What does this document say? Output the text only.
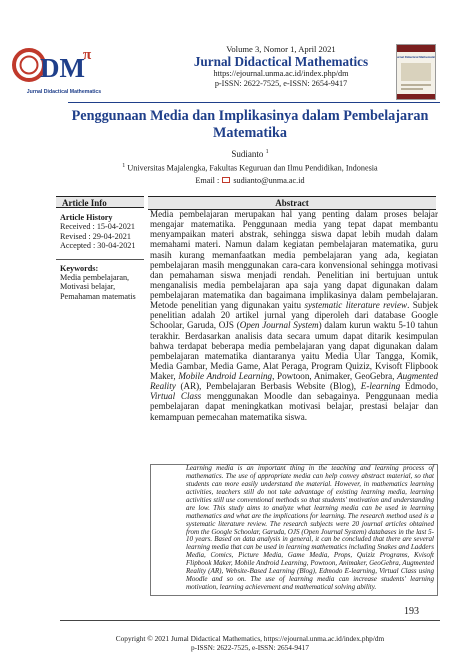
DM
π
Jurnal Didactical Mathematics
Volume 3, Nomor 1, April 2021
Jurnal Didactical Mathematics
https://ejournal.unma.ac.id/index.php/dm
p-ISSN: 2622-7525, e-ISSN: 2654-9417
Jurnal Didactical Mathematics
Penggunaan Media dan Implikasinya dalam Pembelajaran Matematika
Sudianto $^1$
$^1$ Universitas Majalengka, Fakultas Keguruan dan Ilmu Pendidikan, Indonesia
Email : sudianto@unma.ac.id
Article Info	Abstract
Article History
Received : 15-04-2021
Revised : 29-04-2021
Accepted : 30-04-2021
Keywords:
Media pembelajaran,
Motivasi belajar,
Pemahaman matematis
Media pembelajaran merupakan hal yang penting dalam proses belajar mengajar matematika. Penggunaan media yang tepat dapat membantu menyampaikan materi abstrak, sehingga siswa dapat lebih mudah dalam memahami materi. Namun dalam kegiatan pembelajaran matematika, guru masih kurang memanfaatkan media pembelajaran yang ada, kegiatan pembelajaran masih menggunakan cara-cara konvensional sehingga motivasi dan pemahaman siswa menjadi rendah. Penelitian ini bertujuan untuk menganalisis media pembelajaran apa saja yang dapat digunakan dalam pembelajaran matematika dan bagaimana implikasinya dalam pembelajaran. Metode penelitian yang digunakan yaitu systematic literature review. Subjek penelitian adalah 20 artikel jurnal yang diperoleh dari database Google Schoolar, Garuda, OJS (Open Journal System) dalam kurun waktu 5-10 tahun terakhir. Berdasarkan analisis data secara umum dapat ditarik kesimpulan bahwa terdapat beberapa media pembelajaran yang dapat digunakan dalam pembelajaran matematika diantaranya yaitu Media Ular Tangga, Komik, Media Gambar, Media Game, Alat Peraga, Program Quiziz, Kvisoft Flipbook Maker, Mobile Android Learning, Powtoon, Animaker, GeoGebra, Augmented Reality (AR), Pembelajaran Berbasis Website (Blog), E-learning Edmodo, Virtual Class menggunakan Moodle dan sebagainya. Penggunaan media pembelajaran dapat meningkatkan motivasi belajar, prestasi belajar dan kemampuan pemecahan matematika siswa.
Learning media is an important thing in the teaching and learning process of mathematics. The use of appropriate media can help convey abstract material, so that students can more easily understand the material. However, in mathematics learning activities, teachers still do not take advantage of existing learning media, learning activities still use conventional methods so that students' motivation and understanding are low. This study aims to analyze what learning media can be used in learning mathematics and what are the implications for learning. The research method used is a systematic literature review. The research subjects were 20 journal articles obtained from the Google Schoolar, Garuda, OJS (Open Journal System) databases in the last 5-10 years. Based on data analysis in general, it can be concluded that there are several learning media that can be used in learning mathematics including Snakes and Ladders Media, Comics, Picture Media, Game Media, Props, Quiziz Programs, Kvisoft Flipbook Maker, Mobile Android Learning, Powtoon, Animaker, GeoGebra, Augmented Reality (AR), Website-Based Learning (Blog), Edmodo E-learning, Virtual Class using Moodle and so on. The use of learning media can increase students' learning motivation, learning achievement and mathematical solving ability.
193
Copyright © 2021 Jurnal Didactical Mathematics, https://ejournal.unma.ac.id/index.php/dm
p-ISSN: 2622-7525, e-ISSN: 2654-9417
